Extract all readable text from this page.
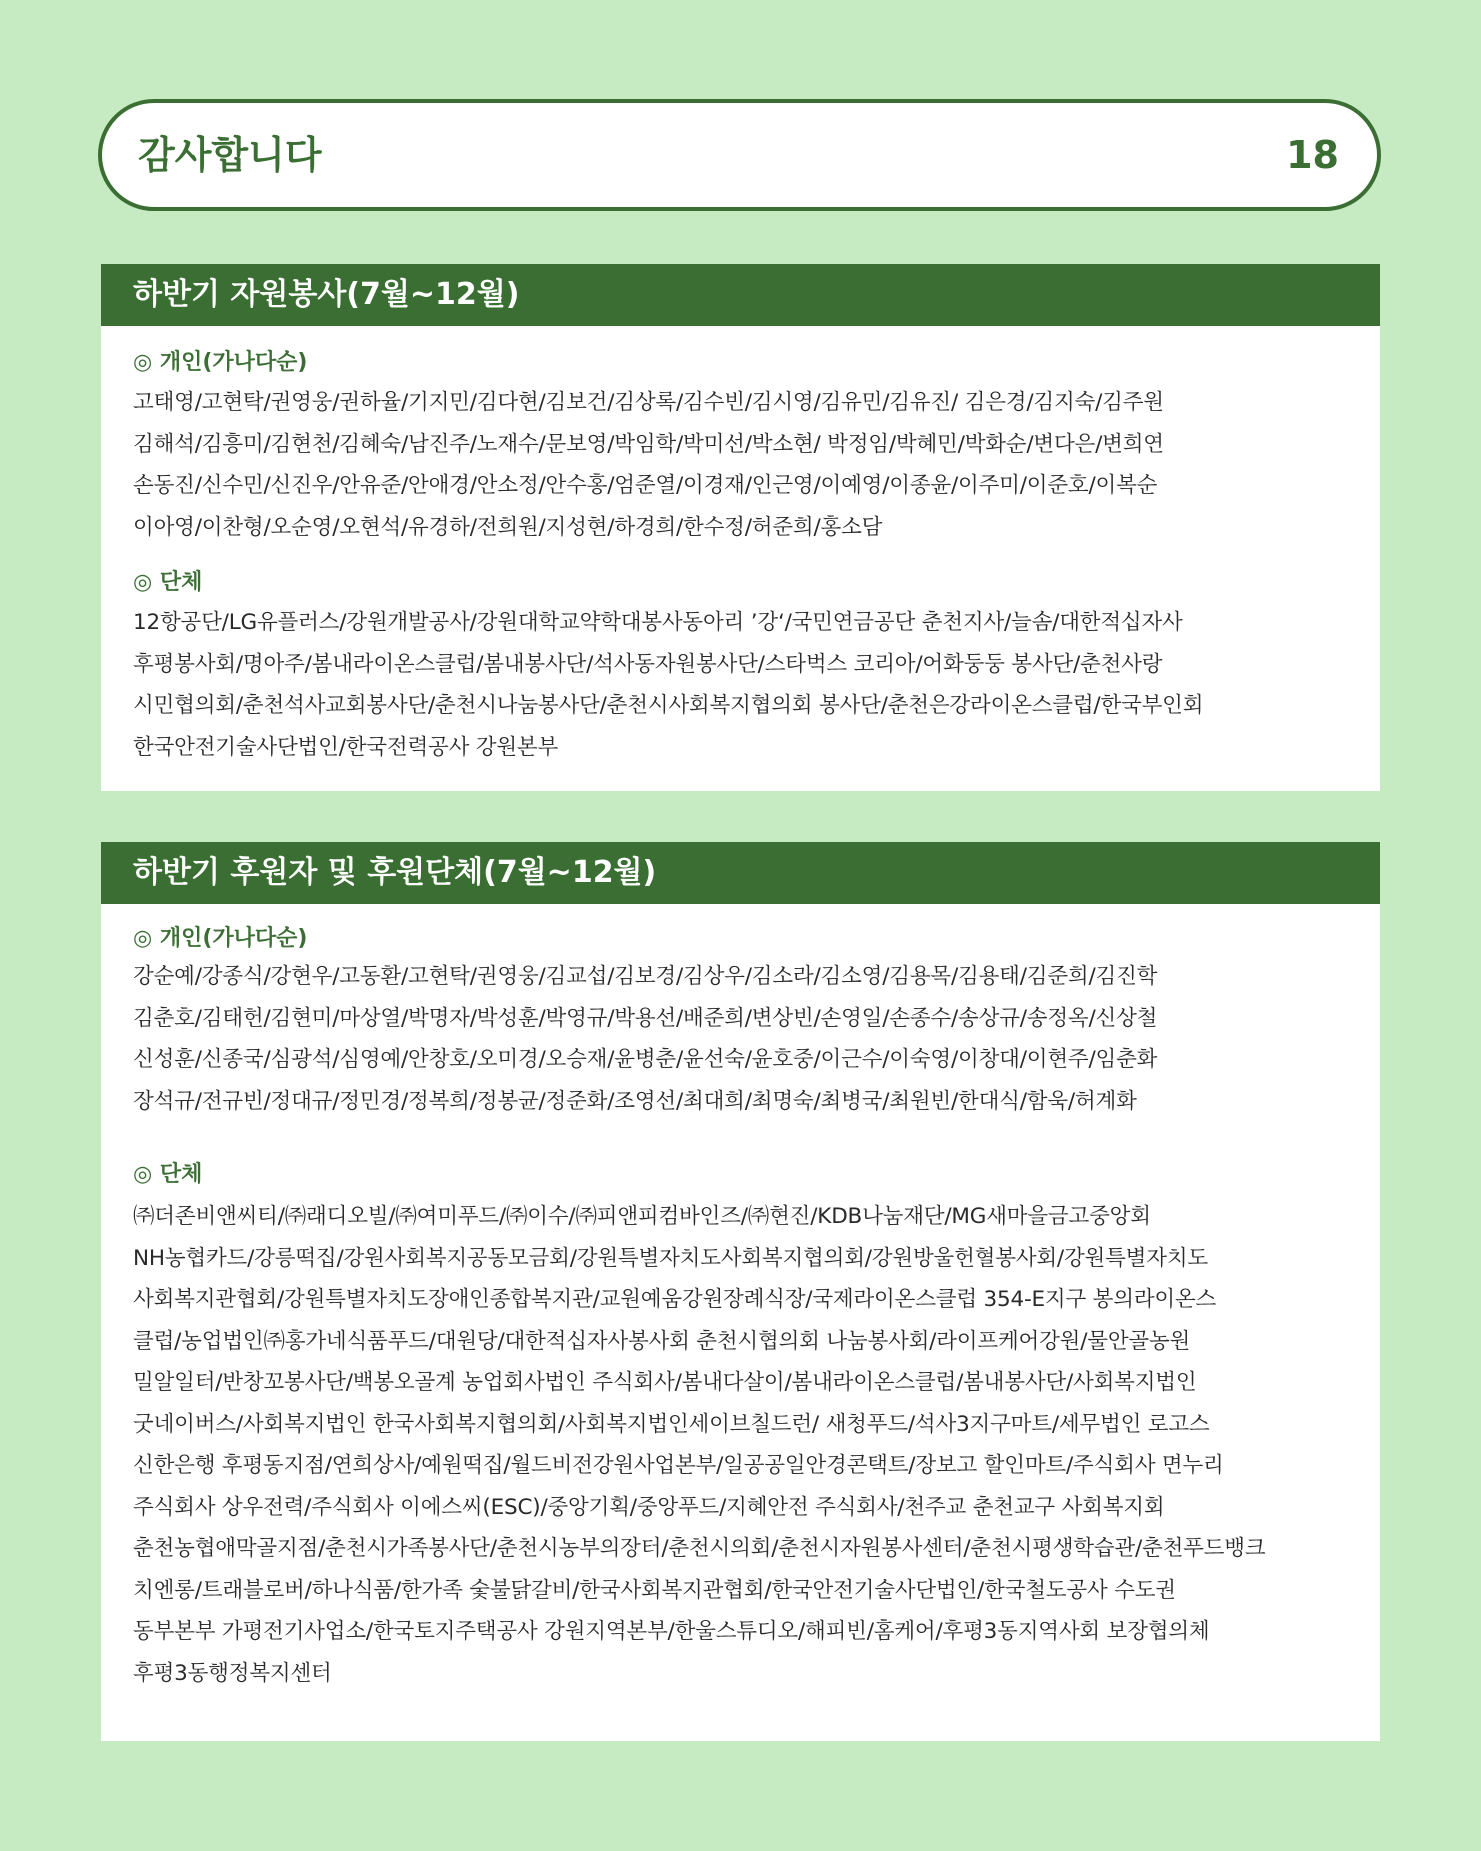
감사합니다	18
하반기 자원봉사(7월~12월)
◎ 개인(가나다순)
고태영/고현탁/권영웅/권하율/기지민/김다현/김보건/김상록/김수빈/김시영/김유민/김유진/ 김은경/김지숙/김주원
김해석/김흥미/김현천/김혜숙/남진주/노재수/문보영/박임학/박미선/박소현/ 박정임/박혜민/박화순/변다은/변희연
손동진/신수민/신진우/안유준/안애경/안소정/안수홍/엄준열/이경재/인근영/이예영/이종윤/이주미/이준호/이복순
이아영/이찬형/오순영/오현석/유경하/전희원/지성현/하경희/한수정/허준희/홍소담
◎ 단체
12항공단/LG유플러스/강원개발공사/강원대학교약학대봉사동아리 ’강‘/국민연금공단 춘천지사/늘솜/대한적십자사
후평봉사회/명아주/봄내라이온스클럽/봄내봉사단/석사동자원봉사단/스타벅스 코리아/어화둥둥 봉사단/춘천사랑
시민협의회/춘천석사교회봉사단/춘천시나눔봉사단/춘천시사회복지협의회 봉사단/춘천은강라이온스클럽/한국부인회
한국안전기술사단법인/한국전력공사 강원본부
하반기 후원자 및 후원단체(7월~12월)
◎ 개인(가나다순)
강순예/강종식/강현우/고동환/고현탁/권영웅/김교섭/김보경/김상우/김소라/김소영/김용목/김용태/김준희/김진학
김춘호/김태헌/김현미/마상열/박명자/박성훈/박영규/박용선/배준희/변상빈/손영일/손종수/송상규/송정옥/신상철
신성훈/신종국/심광석/심영예/안창호/오미경/오승재/윤병춘/윤선숙/윤호중/이근수/이숙영/이창대/이현주/임춘화
장석규/전규빈/정대규/정민경/정복희/정봉균/정준화/조영선/최대희/최명숙/최병국/최원빈/한대식/함욱/허계화
◎ 단체
㈜더존비앤씨티/㈜래디오빌/㈜여미푸드/㈜이수/㈜피앤피컴바인즈/㈜현진/KDB나눔재단/MG새마을금고중앙회
NH농협카드/강릉떡집/강원사회복지공동모금회/강원특별자치도사회복지협의회/강원방울헌혈봉사회/강원특별자치도
사회복지관협회/강원특별자치도장애인종합복지관/교원예움강원장례식장/국제라이온스클럽 354-E지구 봉의라이온스
클럽/농업법인㈜홍가네식품푸드/대원당/대한적십자사봉사회 춘천시협의회 나눔봉사회/라이프케어강원/물안골농원
밀알일터/반창꼬봉사단/백봉오골계 농업회사법인 주식회사/봄내다살이/봄내라이온스클럽/봄내봉사단/사회복지법인
굿네이버스/사회복지법인 한국사회복지협의회/사회복지법인세이브칠드런/ 새청푸드/석사3지구마트/세무법인 로고스
신한은행 후평동지점/연희상사/예원떡집/월드비전강원사업본부/일공공일안경콘택트/장보고 할인마트/주식회사 면누리
주식회사 상우전력/주식회사 이에스씨(ESC)/중앙기획/중앙푸드/지혜안전 주식회사/천주교 춘천교구 사회복지회
춘천농협애막골지점/춘천시가족봉사단/춘천시농부의장터/춘천시의회/춘천시자원봉사센터/춘천시평생학습관/춘천푸드뱅크
치엔롱/트래블로버/하나식품/한가족 숯불닭갈비/한국사회복지관협회/한국안전기술사단법인/한국철도공사 수도권
동부본부 가평전기사업소/한국토지주택공사 강원지역본부/한울스튜디오/해피빈/홈케어/후평3동지역사회 보장협의체
후평3동행정복지센터
